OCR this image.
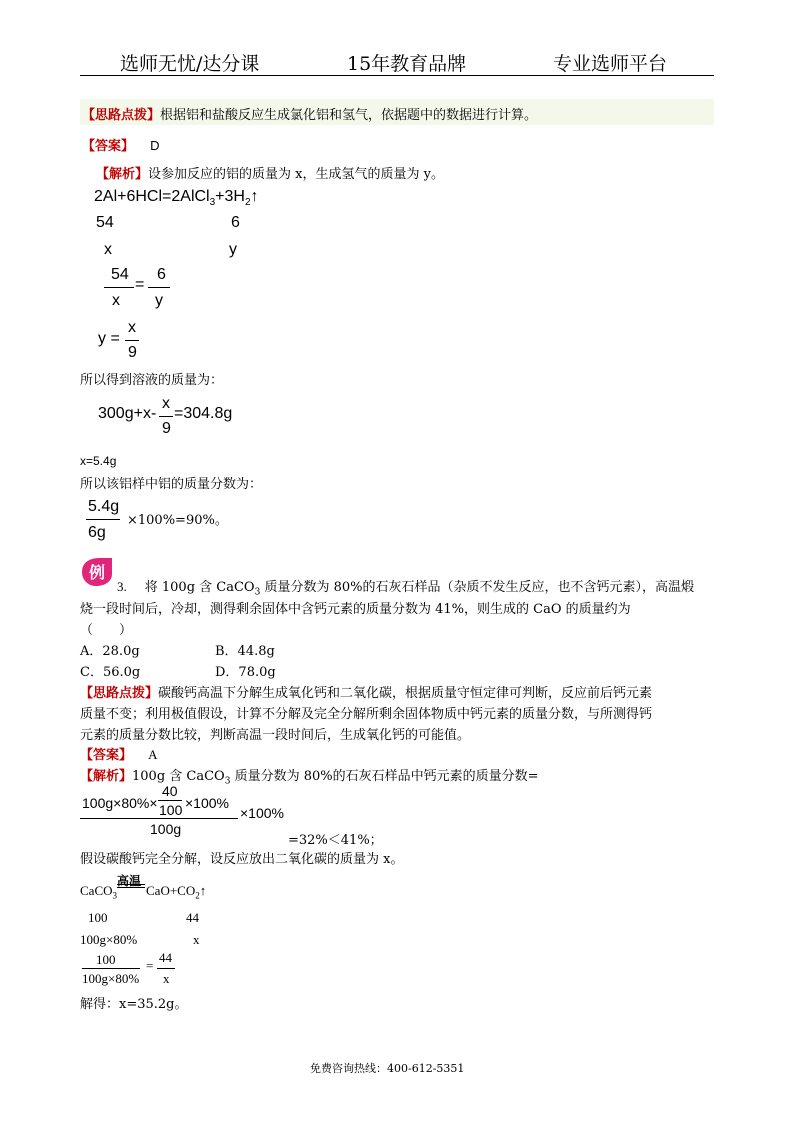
选师无忧/达分课	15年教育品牌	专业选师平台
【思路点拨】根据铝和盐酸反应生成氯化铝和氢气，依据题中的数据进行计算。
【答案】 D
【解析】设参加反应的铝的质量为 x，生成氢气的质量为 y。
$2Al+6HCl=2AlCl_3+3H_2↑$
54	6
x	y
54
x
=
6
y
y =
x
9
所以得到溶液的质量为：
300g+x-
x
9
=304.8g
x=5.4g
所以该铝样中铝的质量分数为：
5.4g
6g
×100%=90%。
例
3. 将 100g 含 CaCO$_3$ 质量分数为 80%的石灰石样品（杂质不发生反应，也不含钙元素），高温煅
烧一段时间后，冷却，测得剩余固体中含钙元素的质量分数为 41%，则生成的 CaO 的质量约为
（　　）
A．28.0g	B．44.8g
C．56.0g	D．78.0g
【思路点拨】碳酸钙高温下分解生成氧化钙和二氧化碳，根据质量守恒定律可判断，反应前后钙元素
质量不变；利用极值假设，计算不分解及完全分解所剩余固体物质中钙元素的质量分数，与所测得钙
元素的质量分数比较，判断高温一段时间后，生成氧化钙的可能值。
【答案】 A
【解析】100g 含 CaCO$_3$ 质量分数为 80%的石灰石样品中钙元素的质量分数=
40
100g×80%× 100 ×100%
100g
×100%
=32%＜41%；
假设碳酸钙完全分解，设反应放出二氧化碳的质量为 x。
CaCO$_3$
高温
$CaO+CO_2↑$
100	44
100g×80%	x
100
100g×80%
=
44
x
解得：x=35.2g。
免费咨询热线：400-612-5351
